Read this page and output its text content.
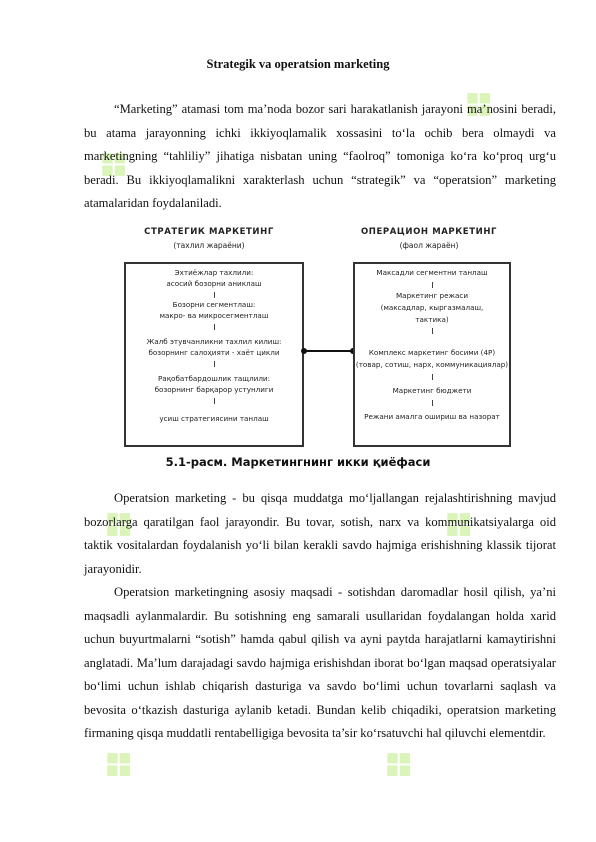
❖
❖
❖	❖
❖	❖
Strategik va operatsion marketing

“Marketing” atamasi tom ma’noda bozor sari harakatlanish jarayoni ma’nosini beradi, bu atama jarayonning ichki ikkiyoqlamalik xossasini to‘la ochib bera olmaydi va marketingning “tahliliy” jihatiga nisbatan uning “faolroq” tomoniga ko‘ra ko‘proq urg‘u beradi. Bu ikkiyoqlamalikni xarakterlash uchun “strategik” va “operatsion” marketing atamalaridan foydalaniladi.

СТРАТЕГИК МАРКЕТИНГ
(тахлил жараёни)
Эхтиёжлар тахлили:
асосий бозорни аниклаш
Бозорни сегментлаш:
макро- ва микросегментлаш
Жалб этувчанликни тахлил килиш:
бозорнинг салоҳияти - хаёт цикли
Рақобатбардошлик тащлили:
бозорнинг барқарор устунлиги
усиш стратегиясини танлаш
ОПЕРАЦИОН МАРКЕТИНГ
(фаол жараён)
Максадли сегментни танлаш
Маркетинг режаси
(максадлар, кыргазмалаш,
тактика)
Комплекс маркетинг босими (4P)
(товар, сотиш, нарх, коммуникациялар)
Маркетинг бюджети
Режани амалга ошириш ва назорат
5.1-расм. Маркетингнинг икки қиёфаси

Operatsion marketing - bu qisqa muddatga mo‘ljallangan rejalashtirishning mavjud bozorlarga qaratilgan faol jarayondir. Bu tovar, sotish, narx va kommunikatsiyalarga oid taktik vositalardan foydalanish yo‘li bilan kerakli savdo hajmiga erishishning klassik tijorat jarayonidir.

Operatsion marketingning asosiy maqsadi - sotishdan daromadlar hosil qilish, ya’ni maqsadli aylanmalardir. Bu sotishning eng samarali usullaridan foydalangan holda xarid uchun buyurtmalarni “sotish” hamda qabul qilish va ayni paytda harajatlarni kamaytirishni anglatadi. Ma’lum darajadagi savdo hajmiga erishishdan iborat bo‘lgan maqsad operatsiyalar bo‘limi uchun ishlab chiqarish dasturiga va savdo bo‘limi uchun tovarlarni saqlash va bevosita o‘tkazish dasturiga aylanib ketadi. Bundan kelib chiqadiki, operatsion marketing firmaning qisqa muddatli rentabelligiga bevosita ta’sir ko‘rsatuvchi hal qiluvchi elementdir.
